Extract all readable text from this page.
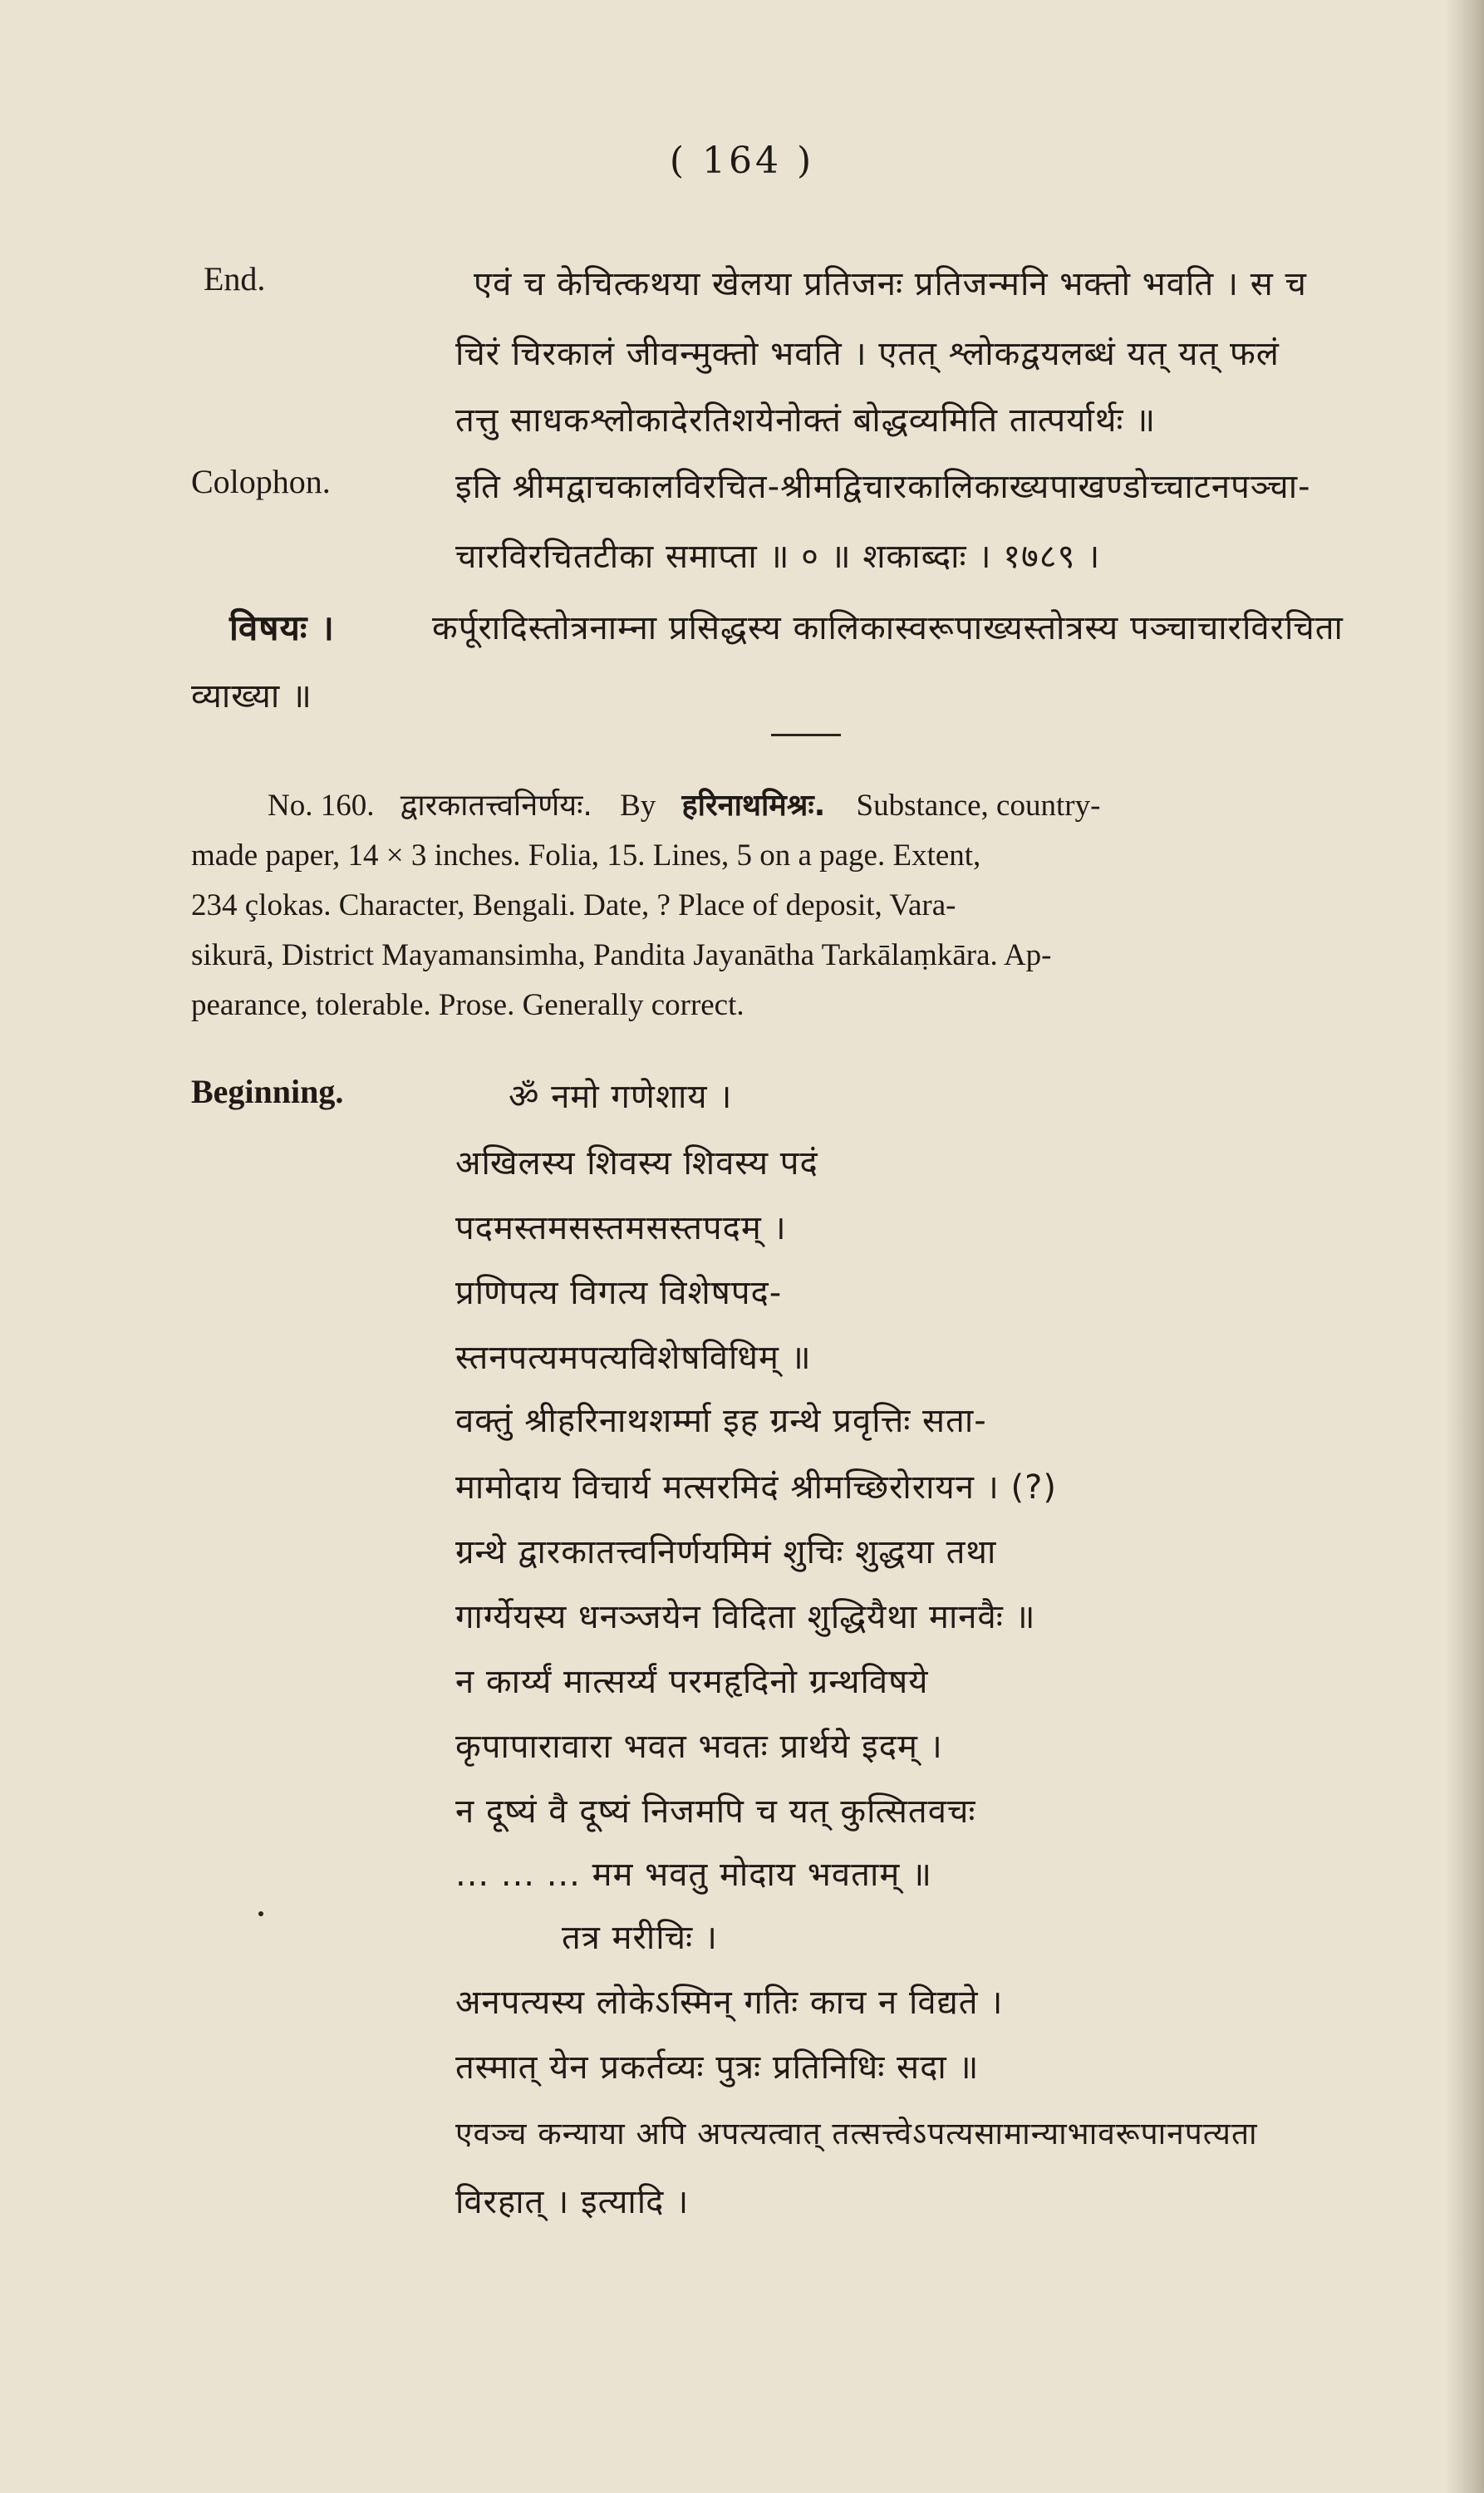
( 164 )
End.	एवं च केचित्कथया खेलया प्रतिजनः प्रतिजन्मनि भक्तो भवति । स च
चिरं चिरकालं जीवन्मुक्तो भवति । एतत् श्लोकद्वयलब्धं यत् यत् फलं
तत्तु साधकश्लोकादेरतिशयेनोक्तं बोद्धव्यमिति तात्पर्यार्थः ॥
Colophon.	इति श्रीमद्वाचकालविरचित-श्रीमद्विचारकालिकाख्यपाखण्डोच्चाटनपञ्चा-
चारविरचितटीका समाप्ता ॥ ० ॥ शकाब्दाः । १७८९ ।
विषयः ।	कर्पूरादिस्तोत्रनाम्ना प्रसिद्धस्य कालिकास्वरूपाख्यस्तोत्रस्य पञ्चाचारविरचिता
व्याख्या ॥
No. 160. द्वारकातत्त्वनिर्णयः. By हरिनाथमिश्रः. Substance, country-
made paper, 14 × 3 inches. Folia, 15. Lines, 5 on a page. Extent,
234 çlokas. Character, Bengali. Date, ? Place of deposit, Vara-
sikurā, District Mayamansimha, Pandita Jayanātha Tarkālaṃkāra. Ap-
pearance, tolerable. Prose. Generally correct.
Beginning.	ॐ नमो गणेशाय ।
अखिलस्य शिवस्य शिवस्य पदं
पदमस्तमसस्तमसस्तपदम् ।
प्रणिपत्य विगत्य विशेषपद-
स्तनपत्यमपत्यविशेषविधिम् ॥
वक्तुं श्रीहरिनाथशर्म्मा इह ग्रन्थे प्रवृत्तिः सता-
मामोदाय विचार्य मत्सरमिदं श्रीमच्छिरोरायन । (?)
ग्रन्थे द्वारकातत्त्वनिर्णयमिमं शुचिः शुद्धया तथा
गार्ग्येयस्य धनञ्जयेन विदिता शुद्धियैथा मानवैः ॥
न कार्य्यं मात्सर्य्यं परमहृदिनो ग्रन्थविषये
कृपापारावारा भवत भवतः प्रार्थये इदम् ।
न दूष्यं वै दूष्यं निजमपि च यत् कुत्सितवचः
... ... ... मम भवतु मोदाय भवताम् ॥
तत्र मरीचिः ।
अनपत्यस्य लोकेऽस्मिन् गतिः काच न विद्यते ।
तस्मात् येन प्रकर्तव्यः पुत्रः प्रतिनिधिः सदा ॥
एवञ्च कन्याया अपि अपत्यत्वात् तत्सत्त्वेऽपत्यसामान्याभावरूपानपत्यता
विरहात् । इत्यादि ।
